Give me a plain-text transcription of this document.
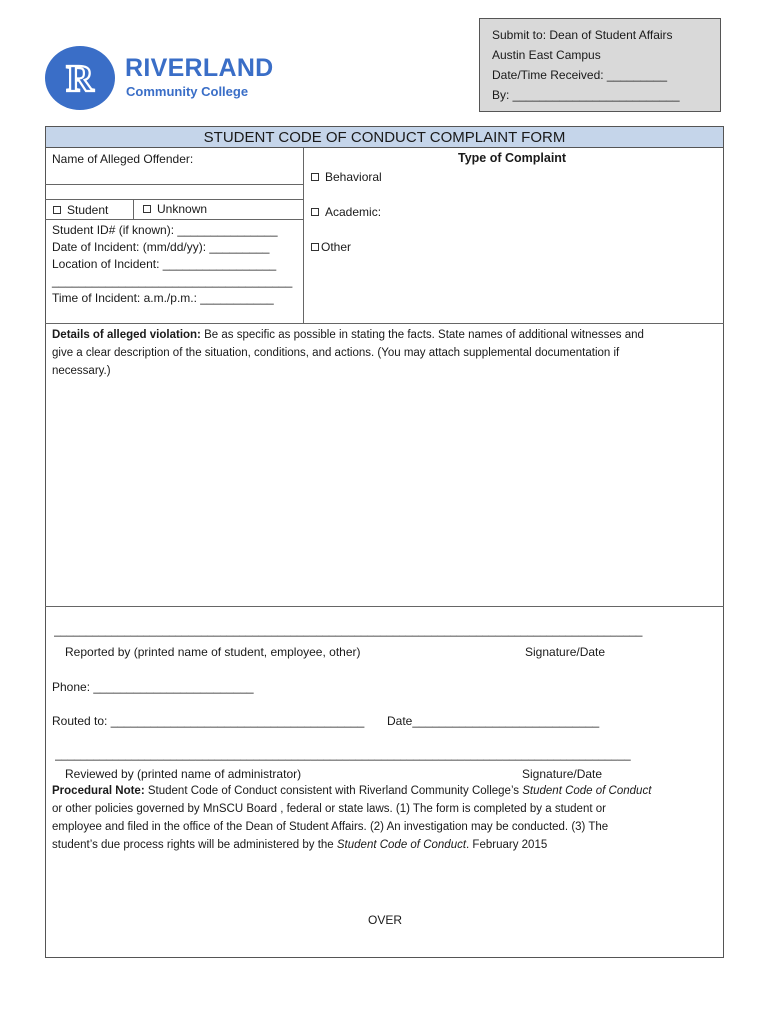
R RIVERLAND
Community College
Submit to: Dean of Student Affairs
Austin East Campus
Date/Time Received: _________
By: _________________________
STUDENT CODE OF CONDUCT COMPLAINT FORM
Name of Alleged Offender:
Student	Unknown
Student ID# (if known): _______________
Date of Incident: (mm/dd/yy): _________
Location of Incident: _________________
____________________________________
Time of Incident: a.m./p.m.: ___________
Type of Complaint
Behavioral
Academic:
Other
Details of alleged violation: Be as specific as possible in stating the facts. State names of additional witnesses and
give a clear description of the situation, conditions, and actions. (You may attach supplemental documentation if
necessary.)
____________________________________________________________________________________________
Reported by (printed name of student, employee, other)	Signature/Date
Phone: ________________________
Routed to: ______________________________________ Date____________________________
__________________________________________________________________________________________
Reviewed by (printed name of administrator)	Signature/Date
Procedural Note: Student Code of Conduct consistent with Riverland Community College’s Student Code of Conduct
or other policies governed by MnSCU Board , federal or state laws. (1) The form is completed by a student or
employee and filed in the office of the Dean of Student Affairs. (2) An investigation may be conducted. (3) The
student’s due process rights will be administered by the Student Code of Conduct. February 2015
OVER
